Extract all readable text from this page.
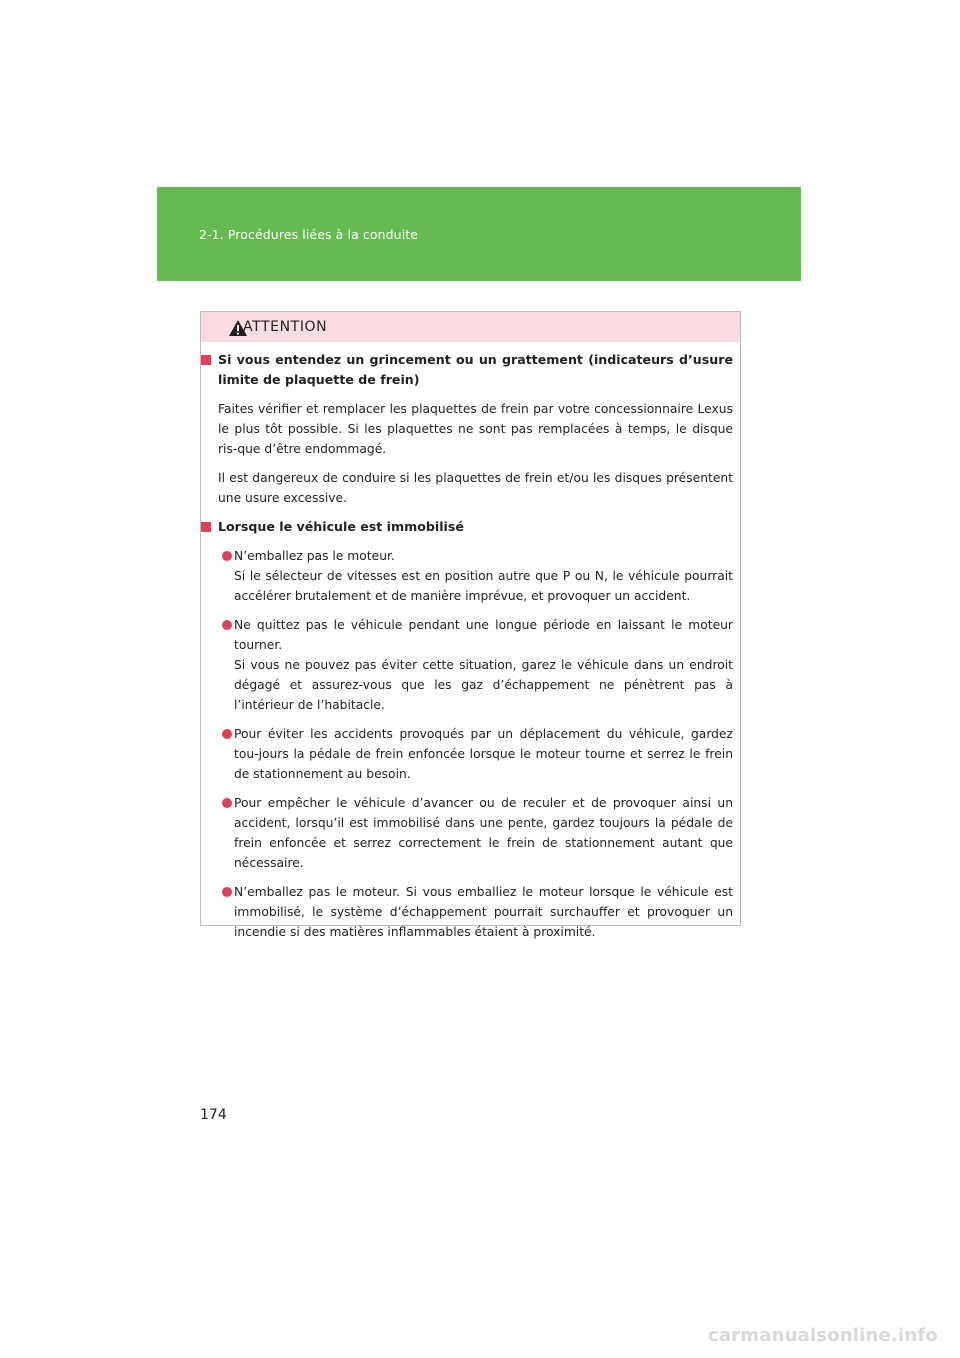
2-1. Procédures liées à la conduite
ATTENTION
Si vous entendez un grincement ou un grattement (indicateurs d’usure limite de plaquette de frein)
Faites vérifier et remplacer les plaquettes de frein par votre concessionnaire Lexus le plus tôt possible. Si les plaquettes ne sont pas remplacées à temps, le disque ris-que d’être endommagé.
Il est dangereux de conduire si les plaquettes de frein et/ou les disques présentent une usure excessive.
Lorsque le véhicule est immobilisé
N’emballez pas le moteur.
Si le sélecteur de vitesses est en position autre que P ou N, le véhicule pourrait accélérer brutalement et de manière imprévue, et provoquer un accident.
Ne quittez pas le véhicule pendant une longue période en laissant le moteur tourner.
Si vous ne pouvez pas éviter cette situation, garez le véhicule dans un endroit dégagé et assurez-vous que les gaz d’échappement ne pénètrent pas à l’intérieur de l’habitacle.
Pour éviter les accidents provoqués par un déplacement du véhicule, gardez tou-jours la pédale de frein enfoncée lorsque le moteur tourne et serrez le frein de stationnement au besoin.
Pour empêcher le véhicule d’avancer ou de reculer et de provoquer ainsi un accident, lorsqu’il est immobilisé dans une pente, gardez toujours la pédale de frein enfoncée et serrez correctement le frein de stationnement autant que nécessaire.
N’emballez pas le moteur. Si vous emballiez le moteur lorsque le véhicule est immobilisé, le système d’échappement pourrait surchauffer et provoquer un incendie si des matières inflammables étaient à proximité.
174
carmanualsonline.info
